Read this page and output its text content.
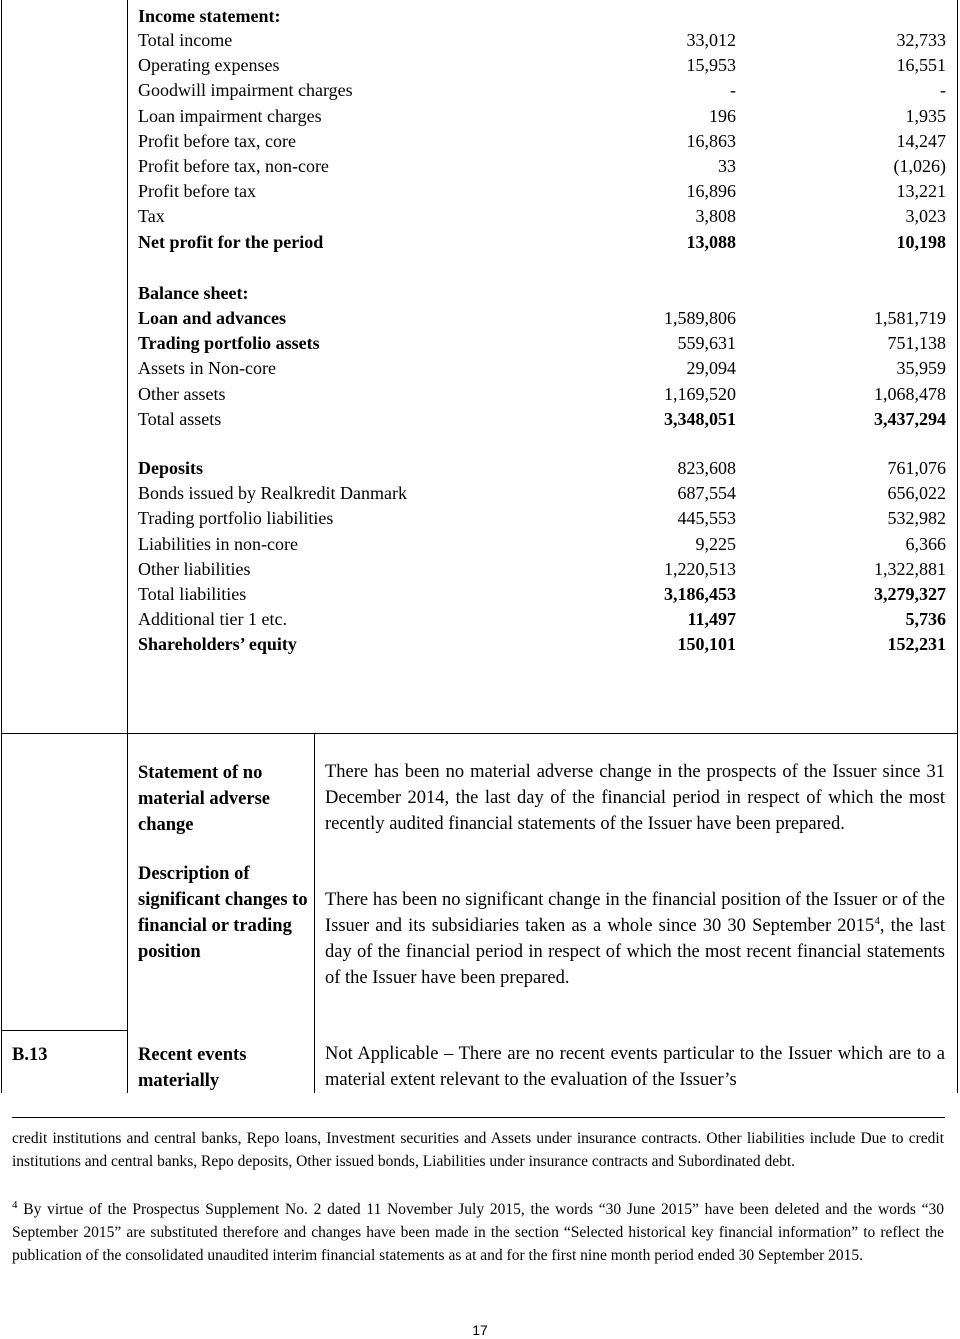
Income statement:
Total income	33,012	32,733
Operating expenses	15,953	16,551
Goodwill impairment charges	-	-
Loan impairment charges	196	1,935
Profit before tax, core	16,863	14,247
Profit before tax, non-core	33	(1,026)
Profit before tax	16,896	13,221
Tax	3,808	3,023
Net profit for the period	13,088	10,198
Balance sheet:
Loan and advances	1,589,806	1,581,719
Trading portfolio assets	559,631	751,138
Assets in Non-core	29,094	35,959
Other assets	1,169,520	1,068,478
Total assets	3,348,051	3,437,294
Deposits	823,608	761,076
Bonds issued by Realkredit Danmark	687,554	656,022
Trading portfolio liabilities	445,553	532,982
Liabilities in non-core	9,225	6,366
Other liabilities	1,220,513	1,322,881
Total liabilities	3,186,453	3,279,327
Additional tier 1 etc.	11,497	5,736
Shareholders’ equity	150,101	152,231
Statement of no material adverse change
There has been no material adverse change in the prospects of the Issuer since 31 December 2014, the last day of the financial period in respect of which the most recently audited financial statements of the Issuer have been prepared.
Description of significant changes to financial or trading position
There has been no significant change in the financial position of the Issuer or of the Issuer and its subsidiaries taken as a whole since 30 30 September 2015$^4$, the last day of the financial period in respect of which the most recent financial statements of the Issuer have been prepared.
B.13	Recent events materially
Not Applicable – There are no recent events particular to the Issuer which are to a material extent relevant to the evaluation of the Issuer’s
credit institutions and central banks, Repo loans, Investment securities and Assets under insurance contracts. Other liabilities include Due to credit institutions and central banks, Repo deposits, Other issued bonds, Liabilities under insurance contracts and Subordinated debt.
$^4$ By virtue of the Prospectus Supplement No. 2 dated 11 November July 2015, the words “30 June 2015” have been deleted and the words “30 September 2015” are substituted therefore and changes have been made in the section “Selected historical key financial information” to reflect the publication of the consolidated unaudited interim financial statements as at and for the first nine month period ended 30 September 2015.
17
